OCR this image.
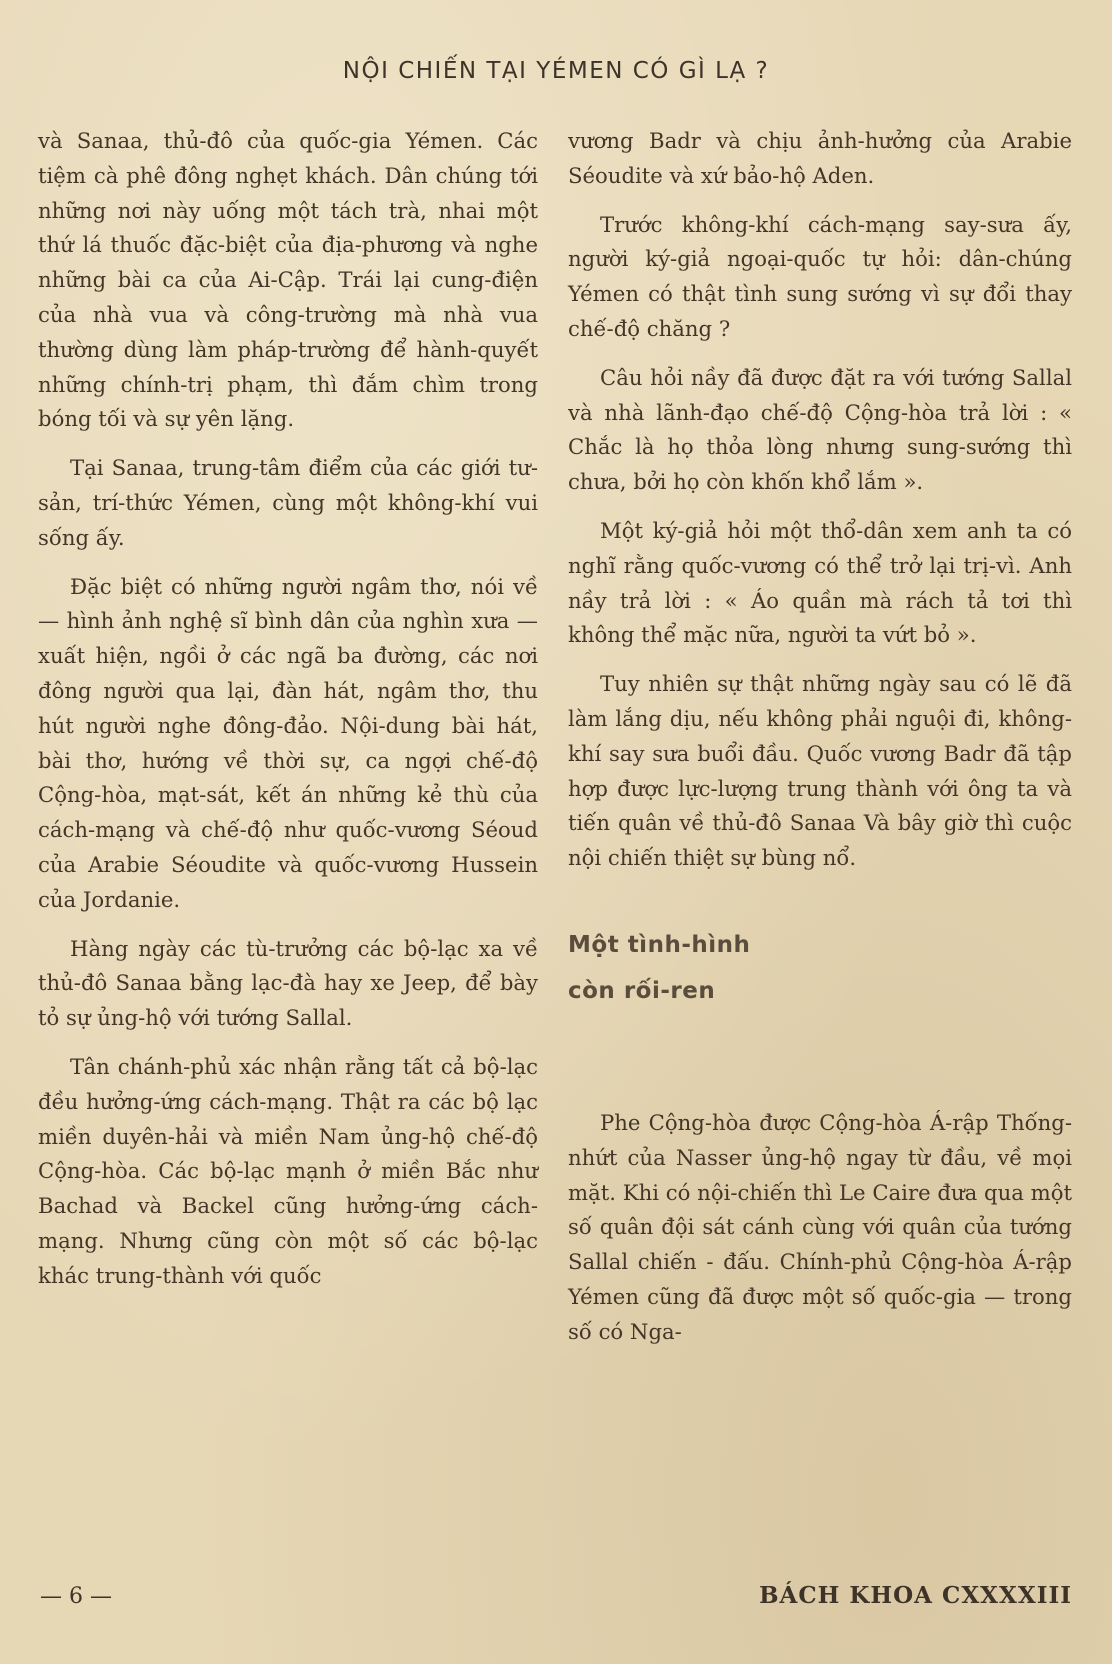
NỘI CHIẾN TẠI YÉMEN CÓ GÌ LẠ ?

và Sanaa, thủ-đô của quốc-gia Yémen. Các tiệm cà phê đông nghẹt khách. Dân chúng tới những nơi này uống một tách trà, nhai một thứ lá thuốc đặc-biệt của địa-phương và nghe những bài ca của Ai-Cập. Trái lại cung-điện của nhà vua và công-trường mà nhà vua thường dùng làm pháp-trường để hành-quyết những chính-trị phạm, thì đắm chìm trong bóng tối và sự yên lặng.

Tại Sanaa, trung-tâm điểm của các giới tư-sản, trí-thức Yémen, cùng một không-khí vui sống ấy.

Đặc biệt có những người ngâm thơ, nói về — hình ảnh nghệ sĩ bình dân của nghìn xưa — xuất hiện, ngồi ở các ngã ba đường, các nơi đông người qua lại, đàn hát, ngâm thơ, thu hút người nghe đông-đảo. Nội-dung bài hát, bài thơ, hướng về thời sự, ca ngợi chế-độ Cộng-hòa, mạt-sát, kết án những kẻ thù của cách-mạng và chế-độ như quốc-vương Séoud của Arabie Séoudite và quốc-vương Hussein của Jordanie.

Hàng ngày các tù-trưởng các bộ-lạc xa về thủ-đô Sanaa bằng lạc-đà hay xe Jeep, để bày tỏ sự ủng-hộ với tướng Sallal.

Tân chánh-phủ xác nhận rằng tất cả bộ-lạc đều hưởng-ứng cách-mạng. Thật ra các bộ lạc miền duyên-hải và miền Nam ủng-hộ chế-độ Cộng-hòa. Các bộ-lạc mạnh ở miền Bắc như Bachad và Backel cũng hưởng-ứng cách-mạng. Nhưng cũng còn một số các bộ-lạc khác trung-thành với quốc

vương Badr và chịu ảnh-hưởng của Arabie Séoudite và xứ bảo-hộ Aden.

Trước không-khí cách-mạng say-sưa ấy, người ký-giả ngoại-quốc tự hỏi: dân-chúng Yémen có thật tình sung sướng vì sự đổi thay chế-độ chăng ?

Câu hỏi nầy đã được đặt ra với tướng Sallal và nhà lãnh-đạo chế-độ Cộng-hòa trả lời : « Chắc là họ thỏa lòng nhưng sung-sướng thì chưa, bởi họ còn khốn khổ lắm ».

Một ký-giả hỏi một thổ-dân xem anh ta có nghĩ rằng quốc-vương có thể trở lại trị-vì. Anh nầy trả lời : « Áo quần mà rách tả tơi thì không thể mặc nữa, người ta vứt bỏ ».

Tuy nhiên sự thật những ngày sau có lẽ đã làm lắng dịu, nếu không phải nguội đi, không-khí say sưa buổi đầu. Quốc vương Badr đã tập hợp được lực-lượng trung thành với ông ta và tiến quân về thủ-đô Sanaa Và bây giờ thì cuộc nội chiến thiệt sự bùng nổ.

Một tình-hình
còn rối-ren

Phe Cộng-hòa được Cộng-hòa Á-rập Thống-nhứt của Nasser ủng-hộ ngay từ đầu, về mọi mặt. Khi có nội-chiến thì Le Caire đưa qua một số quân đội sát cánh cùng với quân của tướng Sallal chiến - đấu. Chính-phủ Cộng-hòa Á-rập Yémen cũng đã được một số quốc-gia — trong số có Nga-

— 6 —	BÁCH KHOA CXXXXIII
